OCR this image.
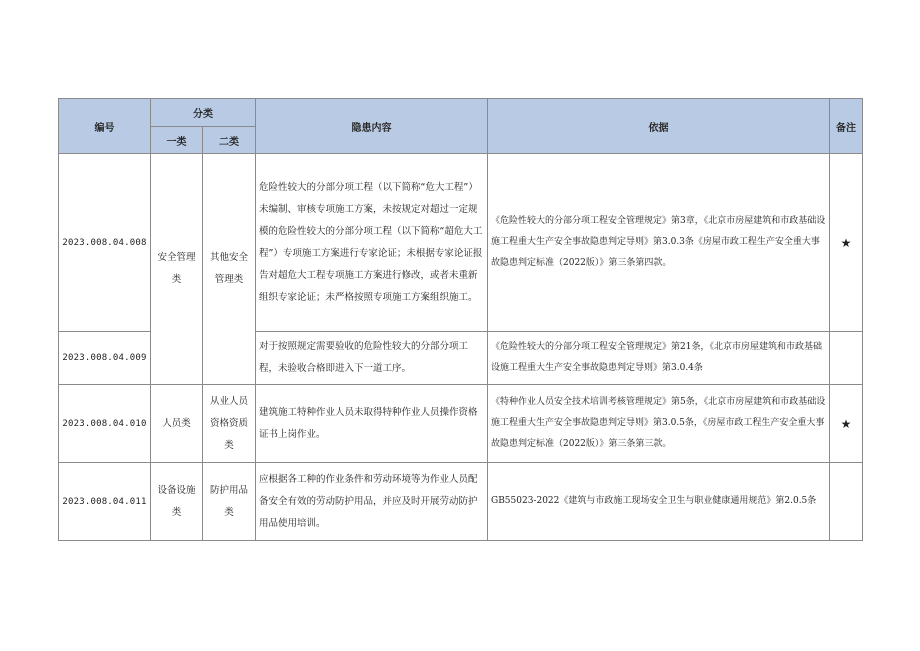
编号	分类		隐患内容	依据	备注
	一类	二类			
2023.008.04.008	安全管理类	其他安全管理类	危险性较大的分部分项工程（以下简称“危大工程”）未编制、审核专项施工方案，未按规定对超过一定规模的危险性较大的分部分项工程（以下简称“超危大工程”）专项施工方案进行专家论证；未根据专家论证报告对超危大工程专项施工方案进行修改，或者未重新组织专家论证；未严格按照专项施工方案组织施工。	《危险性较大的分部分项工程安全管理规定》第3章，《北京市房屋建筑和市政基础设施工程重大生产安全事故隐患判定导则》第3.0.3条《房屋市政工程生产安全重大事故隐患判定标准（2022版）》第三条第四款。	★
2023.008.04.009			对于按照规定需要验收的危险性较大的分部分项工程，未验收合格即进入下一道工序。	《危险性较大的分部分项工程安全管理规定》第21条，《北京市房屋建筑和市政基础设施工程重大生产安全事故隐患判定导则》第3.0.4条	
2023.008.04.010	人员类	从业人员资格资质类	建筑施工特种作业人员未取得特种作业人员操作资格证书上岗作业。	《特种作业人员安全技术培训考核管理规定》第5条，《北京市房屋建筑和市政基础设施工程重大生产安全事故隐患判定导则》第3.0.5条，《房屋市政工程生产安全重大事故隐患判定标准（2022版）》第三条第三款。	★
2023.008.04.011	设备设施类	防护用品类	应根据各工种的作业条件和劳动环境等为作业人员配备安全有效的劳动防护用品，并应及时开展劳动防护用品使用培训。	GB55023-2022《建筑与市政施工现场安全卫生与职业健康通用规范》第2.0.5条	
